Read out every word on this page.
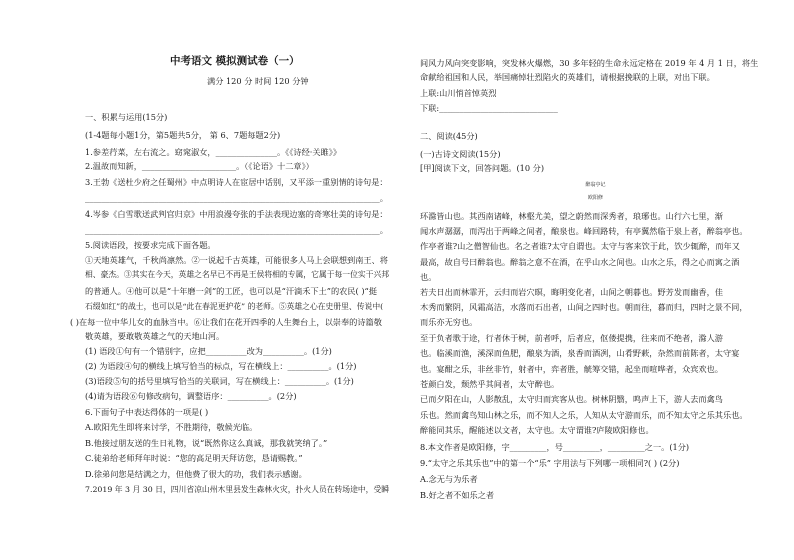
中考语文 模拟测试卷（一）
满分 120 分 时间 120 分钟
一、积累与运用(15分)
(1-4题每小题1分，第5题共5分， 第 6、7题每题2分)
1.参差荇菜，左右流之。窈窕淑女，_______________。《《诗经·关雎》》
2.温故而知新，_______________________。（《论语》十二章》）
3.王勃《送杜少府之任蜀州》中点明诗人在宦居中话别，又平添一重别情的诗句是：
________________________________________________________________________。
4.岑参《白雪歌送武判官归京》中用浪漫夸张的手法表现边塞的奇寒壮美的诗句是：
________________________________________________________________________。
5.阅读语段，按要求完成下面各题。
①天地英雄气，千秋尚凛然。②一说起千古英雄，可能很多人马上会联想到南王、将
相、豪杰。③其实在今天，英雄之名早已不再是王侯将相的专属，它属于每一位实干兴邦
的普通人。④他可以是“十年磨一剑”的工匠，也可以是“汗滴禾下土”的农民( )“挺
石缀如红”的战士，也可以是“此在春泥更护花” 的老师。⑤英雄之心在史册里、传说中(
( )在每一位中华儿女的血脉当中。⑥让我们在花开四季的人生舞台上，以崇奉的诗篇敬
敬英雄，要敢敬英雄之气的天地山河。
(1) 语段①句有一个错别字，应把__________改为__________。(1分)
(2) 为语段④句的横线上填写恰当的标点，写在横线上：__________。(1分)
(3)语段⑤句的括号里填写恰当的关联词，写在横线上：__________。(1分)
(4)请为语段⑥句修改病句，调整语序：__________。(2分)
6.下面句子中表达得体的一项是( )
A.欧阳先生即将来讨学，不胜期待，敬候光临。
B.他接过朋友送的生日礼物，说“既然你这么真诚，那我就笑纳了。”
C.徒弟给老师拜年时说：“您的高足明天拜访您，恳请赐教。”
D.徐弟问您是结满之力，但他费了很大的功，我们表示感谢。
7.2019 年 3 月 30 日，四川省凉山州木里县发生森林火灾，扑火人员在转场途中，受瞬
间风力风向突变影响，突发林火爆燃，30 多年轻的生命永远定格在 2019 年 4 月 1 日，将生
命献给祖国和人民，举国痛悼壮烈陷火的英雄们，请根据挽联的上联，对出下联。
上联:山川悄首悼英烈
下联:_____________________________
二、阅读(45分)
(一)古诗文阅读(15分)
[甲]阅读下文，回答问题。(10 分)
醉翁亭记
欧阳修
环滁皆山也。其西南诸峰，林壑尤美，望之蔚然而深秀者，琅琊也。山行六七里，渐
闻水声潺潺，而泻出于两峰之间者，酿泉也。峰回路转，有亭翼然临于泉上者，醉翁亭也。
作亭者谁?山之僧智仙也。名之者谁?太守自谓也。太守与客来饮于此，饮少辄醉，而年又
最高，故自号曰醉翁也。醉翁之意不在酒，在乎山水之间也。山水之乐，得之心而寓之酒
也。
若夫日出而林霏开，云归而岩穴暝，晦明变化者，山间之朝暮也。野芳发而幽香，佳
木秀而繁阴，风霜高洁，水落而石出者，山间之四时也。朝而往，暮而归，四时之景不同，
而乐亦无穷也。
至于负者歌于途，行者休于树，前者呼，后者应，伛偻提携，往来而不绝者，滁人游
也。临溪而渔，溪深而鱼肥，酿泉为酒，泉香而酒冽，山肴野蔌，杂然而前陈者，太守宴
也。宴酣之乐，非丝非竹，射者中，弈者胜，觥筹交错，起坐而喧哗者，众宾欢也。
苍颜白发，颓然乎其间者，太守醉也。
已而夕阳在山，人影散乱，太守归而宾客从也。树林阴翳，鸣声上下，游人去而禽鸟
乐也。然而禽鸟知山林之乐，而不知人之乐，人知从太守游而乐，而不知太守之乐其乐也。
醉能同其乐，醒能述以文者，太守也。太守谓谁?庐陵欧阳修也。
8.本文作者是欧阳修，字_________，号_________，_________之一。(1分)
9.“太守之乐其乐也”中的第一个“乐” 字用法与下列哪一项相同?( ) (2分)
A.念无与为乐者
B.好之者不如乐之者
